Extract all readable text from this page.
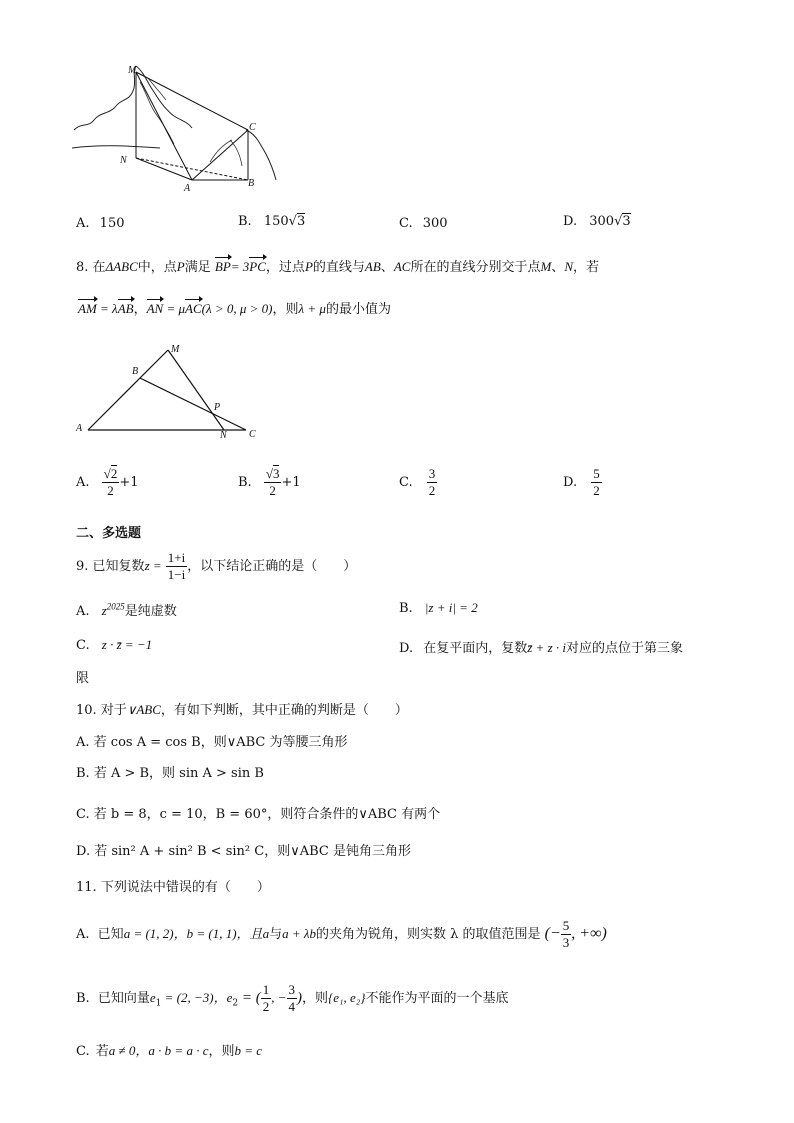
M
N
A	B
C
A. 150	B. 150√3	C. 300	D. 300√3
8. 在ΔABC中，点P满足 BP= 3PC，过点P的直线与AB、AC所在的直线分别交于点M、N，若
AM = λAB，AN = μAC(λ > 0, μ > 0)，则λ + μ的最小值为
M
B
P
A
N C
A. $\frac{√2}{2} +1$	B. $\frac{√3}{2} +1$	C. $\frac{3}{2}$	D. $\frac{5}{2}$
二、多选题
9. 已知复数$z = \frac{1+i}{1-i}$ ，以下结论正确的是（　　）
A. $z^{2025}$是纯虚数	B. |z + i| = 2
C. z · z̄ = −1	D. 在复平面内，复数z̄ + z · i对应的点位于第三象
限
10. 对于∨ABC，有如下判断，其中正确的判断是（　　）
A. 若 cos A = cos B，则∨ABC 为等腰三角形
B. 若 A > B，则 sin A > sin B
C. 若 b = 8，c = 10，B = 60°，则符合条件的∨ABC 有两个
D. 若 sin² A + sin² B < sin² C，则∨ABC 是钝角三角形
11. 下列说法中错误的有（　　）
A. 已知a = (1, 2)，b = (1, 1)，且a与a + λb的夹角为锐角，则实数 λ 的取值范围是 (− $\frac{5}{3}$ , +∞)
B. 已知向量$e_1 = (2$, −3)，$e_2$ = ( $\frac{1}{2}$ , − $\frac{3}{4}$ )，则{e₁, e₂}不能作为平面的一个基底
C. 若a ≠ 0，a · b = a · c，则b = c
